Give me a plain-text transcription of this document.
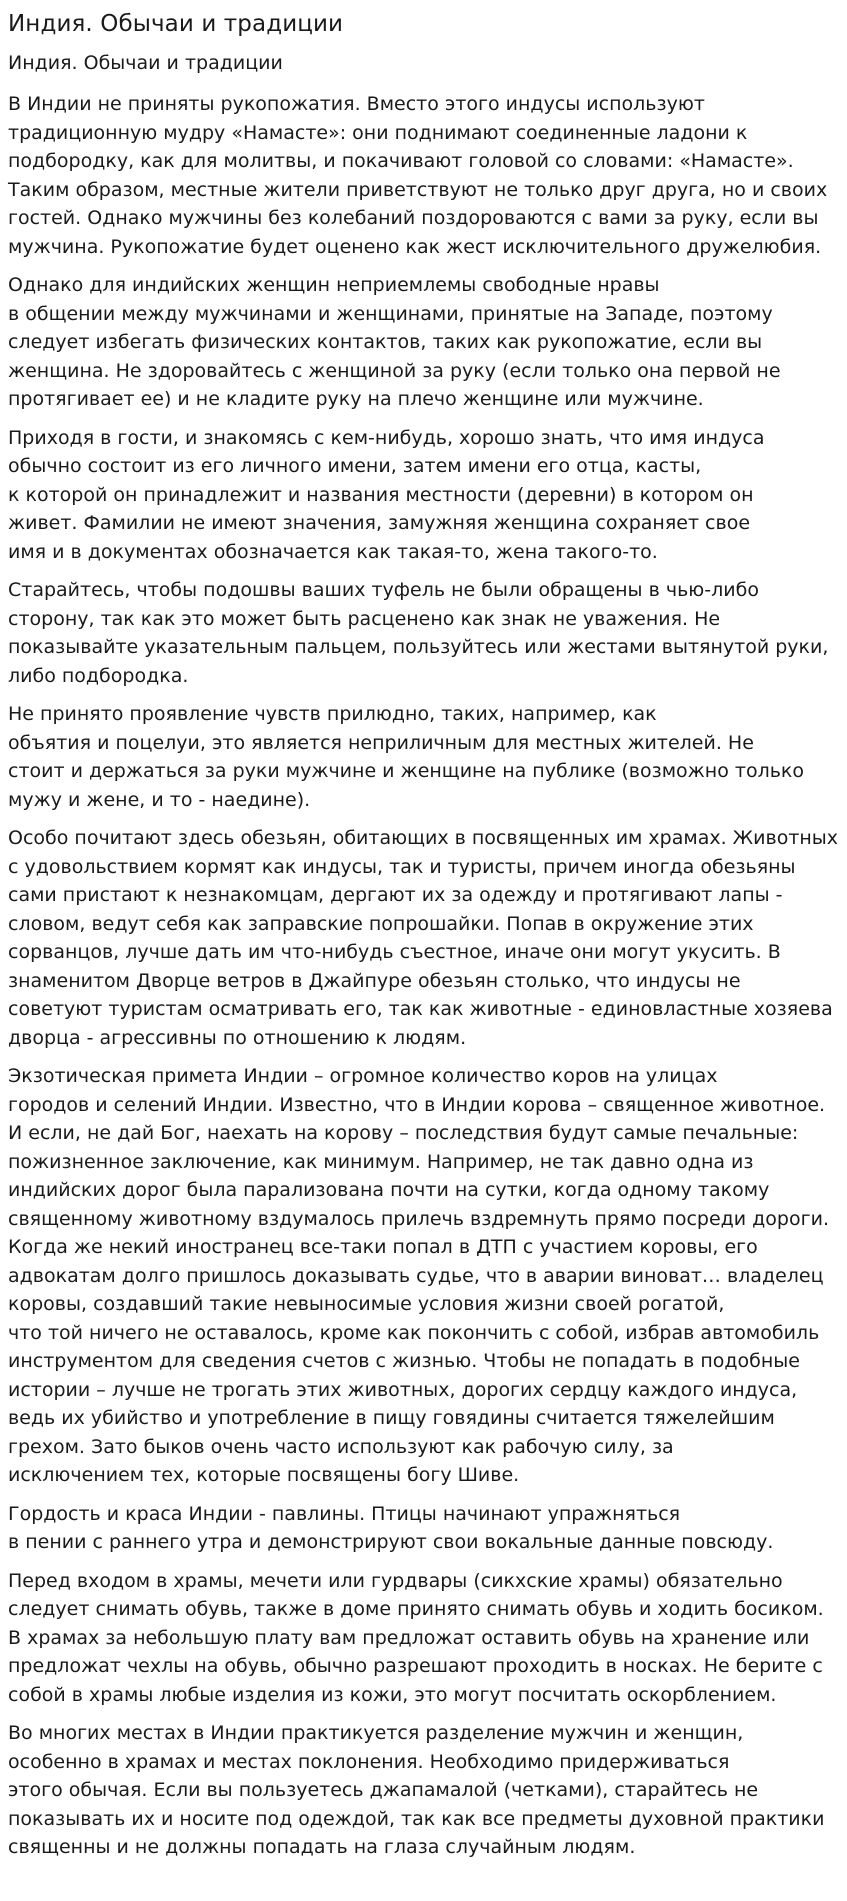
Индия. Обычаи и традиции
Индия. Обычаи и традиции

В Индии не приняты рукопожатия. Вместо этого индусы используют
традиционную мудру «Намасте»: они поднимают соединенные ладони к
подбородку, как для молитвы, и покачивают головой со словами: «Намасте».
Таким образом, местные жители приветствуют не только друг друга, но и своих
гостей. Однако мужчины без колебаний поздороваются с вами за руку, если вы
мужчина. Рукопожатие будет оценено как жест исключительного дружелюбия.

Однако для индийских женщин неприемлемы свободные нравы
в общении между мужчинами и женщинами, принятые на Западе, поэтому
следует избегать физических контактов, таких как рукопожатие, если вы
женщина. Не здоровайтесь с женщиной за руку (если только она первой не
протягивает ее) и не кладите руку на плечо женщине или мужчине.

Приходя в гости, и знакомясь с кем-нибудь, хорошо знать, что имя индуса
обычно состоит из его личного имени, затем имени его отца, касты,
к которой он принадлежит и названия местности (деревни) в котором он
живет. Фамилии не имеют значения, замужняя женщина сохраняет свое
имя и в документах обозначается как такая-то, жена такого-то.

Старайтесь, чтобы подошвы ваших туфель не были обращены в чью-либо
сторону, так как это может быть расценено как знак не уважения. Не
показывайте указательным пальцем, пользуйтесь или жестами вытянутой руки,
либо подбородка.

Не принято проявление чувств прилюдно, таких, например, как
объятия и поцелуи, это является неприличным для местных жителей. Не
стоит и держаться за руки мужчине и женщине на публике (возможно только
мужу и жене, и то - наедине).

Особо почитают здесь обезьян, обитающих в посвященных им храмах. Животных
с удовольствием кормят как индусы, так и туристы, причем иногда обезьяны
сами пристают к незнакомцам, дергают их за одежду и протягивают лапы -
словом, ведут себя как заправские попрошайки. Попав в окружение этих
сорванцов, лучше дать им что-нибудь съестное, иначе они могут укусить. В
знаменитом Дворце ветров в Джайпуре обезьян столько, что индусы не
советуют туристам осматривать его, так как животные - единовластные хозяева
дворца - агрессивны по отношению к людям.

Экзотическая примета Индии – огромное количество коров на улицах
городов и селений Индии. Известно, что в Индии корова – священное животное.
И если, не дай Бог, наехать на корову – последствия будут самые печальные:
пожизненное заключение, как минимум. Например, не так давно одна из
индийских дорог была парализована почти на сутки, когда одному такому
священному животному вздумалось прилечь вздремнуть прямо посреди дороги.
Когда же некий иностранец все-таки попал в ДТП с участием коровы, его
адвокатам долго пришлось доказывать судье, что в аварии виноват… владелец
коровы, создавший такие невыносимые условия жизни своей рогатой,
что той ничего не оставалось, кроме как покончить с собой, избрав автомобиль
инструментом для сведения счетов с жизнью. Чтобы не попадать в подобные
истории – лучше не трогать этих животных, дорогих сердцу каждого индуса,
ведь их убийство и употребление в пищу говядины считается тяжелейшим
грехом. Зато быков очень часто используют как рабочую силу, за
исключением тех, которые посвящены богу Шиве.

Гордость и краса Индии - павлины. Птицы начинают упражняться
в пении с раннего утра и демонстрируют свои вокальные данные повсюду.

Перед входом в храмы, мечети или гурдвары (сикхские храмы) обязательно
следует снимать обувь, также в доме принято снимать обувь и ходить босиком.
В храмах за небольшую плату вам предложат оставить обувь на хранение или
предложат чехлы на обувь, обычно разрешают проходить в носках. Не берите с
собой в храмы любые изделия из кожи, это могут посчитать оскорблением.

Во многих местах в Индии практикуется разделение мужчин и женщин,
особенно в храмах и местах поклонения. Необходимо придерживаться
этого обычая. Если вы пользуетесь джапамалой (четками), старайтесь не
показывать их и носите под одеждой, так как все предметы духовной практики
священны и не должны попадать на глаза случайным людям.
